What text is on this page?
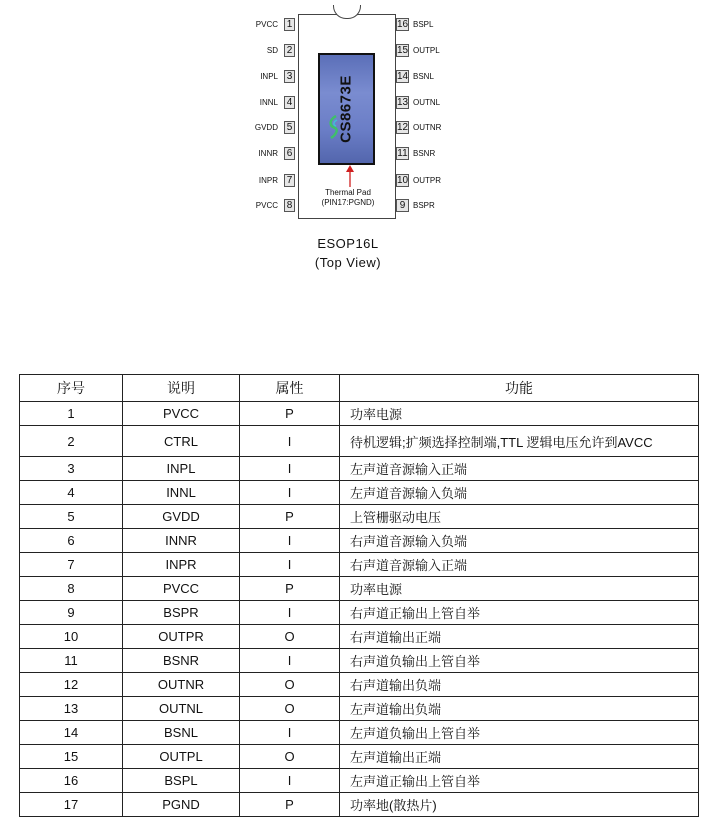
CS8673E
PVCC 1
SD 2
INPL 3
INNL 4
GVDD 5
INNR 6
INPR 7
PVCC 8
16 BSPL
15 OUTPL
14 BSNL
13 OUTNL
12 OUTNR
11 BSNR
10 OUTPR
9 BSPR
Thermal Pad
(PIN17:PGND)
ESOP16L
(Top View)
序号	说明	属性	功能
1	PVCC	P	功率电源
2	CTRL	I	待机逻辑;扩频选择控制端,TTL 逻辑电压允许到AVCC
3	INPL	I	左声道音源输入正端
4	INNL	I	左声道音源输入负端
5	GVDD	P	上管栅驱动电压
6	INNR	I	右声道音源输入负端
7	INPR	I	右声道音源输入正端
8	PVCC	P	功率电源
9	BSPR	I	右声道正输出上管自举
10	OUTPR	O	右声道输出正端
11	BSNR	I	右声道负输出上管自举
12	OUTNR	O	右声道输出负端
13	OUTNL	O	左声道输出负端
14	BSNL	I	左声道负输出上管自举
15	OUTPL	O	左声道输出正端
16	BSPL	I	左声道正输出上管自举
17	PGND	P	功率地(散热片)
